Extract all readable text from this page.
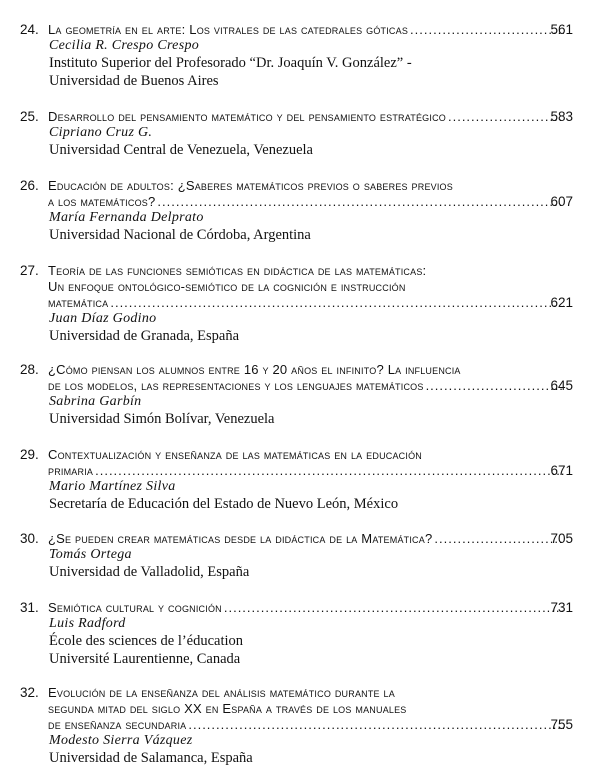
24. La geometría en el arte: Los vitrales de las catedrales góticas .....	561
Cecilia R. Crespo Crespo
Instituto Superior del Profesorado “Dr. Joaquín V. González” -
Universidad de Buenos Aires
25. Desarrollo del pensamiento matemático y del pensamiento estratégico .....	583
Cipriano Cruz G.
Universidad Central de Venezuela, Venezuela
26. Educación de adultos: ¿Saberes matemáticos previos o saberes previos
a los matemáticos? .....	607
María Fernanda Delprato
Universidad Nacional de Córdoba, Argentina
27. Teoría de las funciones semióticas en didáctica de las matemáticas:
Un enfoque ontológico-semiótico de la cognición e instrucción
matemática .....	621
Juan Díaz Godino
Universidad de Granada, España
28. ¿Cómo piensan los alumnos entre 16 y 20 años el infinito? La influencia
de los modelos, las representaciones y los lenguajes matemáticos .....	645
Sabrina Garbín
Universidad Simón Bolívar, Venezuela
29. Contextualización y enseñanza de las matemáticas en la educación
primaria .....	671
Mario Martínez Silva
Secretaría de Educación del Estado de Nuevo León, México
30. ¿Se pueden crear matemáticas desde la didáctica de la Matemática? .....	705
Tomás Ortega
Universidad de Valladolid, España
31. Semiótica cultural y cognición .....	731
Luis Radford
École des sciences de l’éducation
Université Laurentienne, Canada
32. Evolución de la enseñanza del análisis matemático durante la
segunda mitad del siglo XX en España a través de los manuales
de enseñanza secundaria .....	755
Modesto Sierra Vázquez
Universidad de Salamanca, España
